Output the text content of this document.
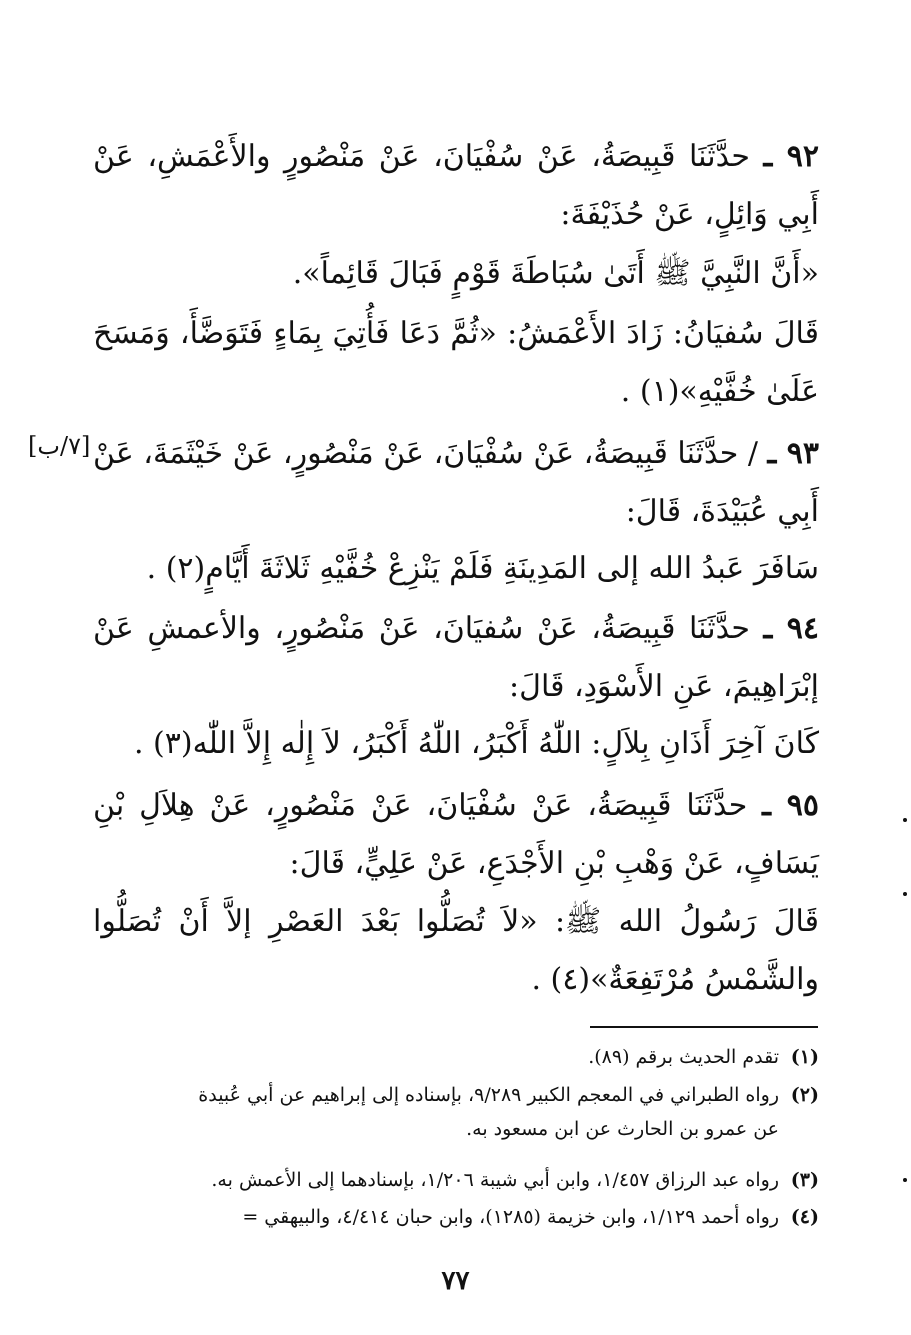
٩٢ ـ حدَّثَنَا قَبِيصَةُ، عَنْ سُفْيَانَ، عَنْ مَنْصُورٍ والأَعْمَشِ، عَنْ أَبِي وَائِلٍ، عَنْ حُذَيْفَةَ:
«أَنَّ النَّبِيَّ ﷺ أَتَىٰ سُبَاطَةَ قَوْمٍ فَبَالَ قَائِماً».
قَالَ سُفيَانُ: زَادَ الأَعْمَشُ: «ثُمَّ دَعَا فَأُتِيَ بِمَاءٍ فَتَوَضَّأَ، وَمَسَحَ عَلَىٰ خُفَّيْهِ»(١) .
٩٣ ـ / حدَّثَنَا قَبِيصَةُ، عَنْ سُفْيَانَ، عَنْ مَنْصُورٍ، عَنْ خَيْثَمَةَ، عَنْ أَبِي عُبَيْدَةَ، قَالَ:
[٧/ب]
سَافَرَ عَبدُ الله إلى المَدِينَةِ فَلَمْ يَنْزِعْ خُفَّيْهِ ثَلاثَةَ أَيَّامٍ(٢) .
٩٤ ـ حدَّثَنَا قَبِيصَةُ، عَنْ سُفيَانَ، عَنْ مَنْصُورٍ، والأعمشِ عَنْ إبْرَاهِيمَ، عَنِ الأَسْوَدِ، قَالَ:
كَانَ آخِرَ أَذَانِ بِلاَلٍ: اللّٰهُ أَكْبَرُ، اللّٰهُ أَكْبَرُ، لاَ إِلٰه إِلاَّ اللّٰه(٣) .
٩٥ ـ حدَّثَنَا قَبِيصَةُ، عَنْ سُفْيَانَ، عَنْ مَنْصُورٍ، عَنْ هِلاَلِ بْنِ يَسَافٍ، عَنْ وَهْبِ بْنِ الأَجْدَعِ، عَنْ عَلِيٍّ، قَالَ:
قَالَ رَسُولُ الله ﷺ: «لاَ تُصَلُّوا بَعْدَ العَصْرِ إلاَّ أَنْ تُصَلُّوا والشَّمْسُ مُرْتَفِعَةٌ»(٤) .
(١)تقدم الحديث برقم (٨٩).
(٢)رواه الطبراني في المعجم الكبير ٩/٢٨٩، بإسناده إلى إبراهيم عن أبي عُبيدة
عن عمرو بن الحارث عن ابن مسعود به.
(٣)رواه عبد الرزاق ١/٤٥٧، وابن أبي شيبة ١/٢٠٦، بإسنادهما إلى الأعمش به.
(٤)رواه أحمد ١/١٢٩، وابن خزيمة (١٢٨٥)، وابن حبان ٤/٤١٤، والبيهقي =
٧٧
